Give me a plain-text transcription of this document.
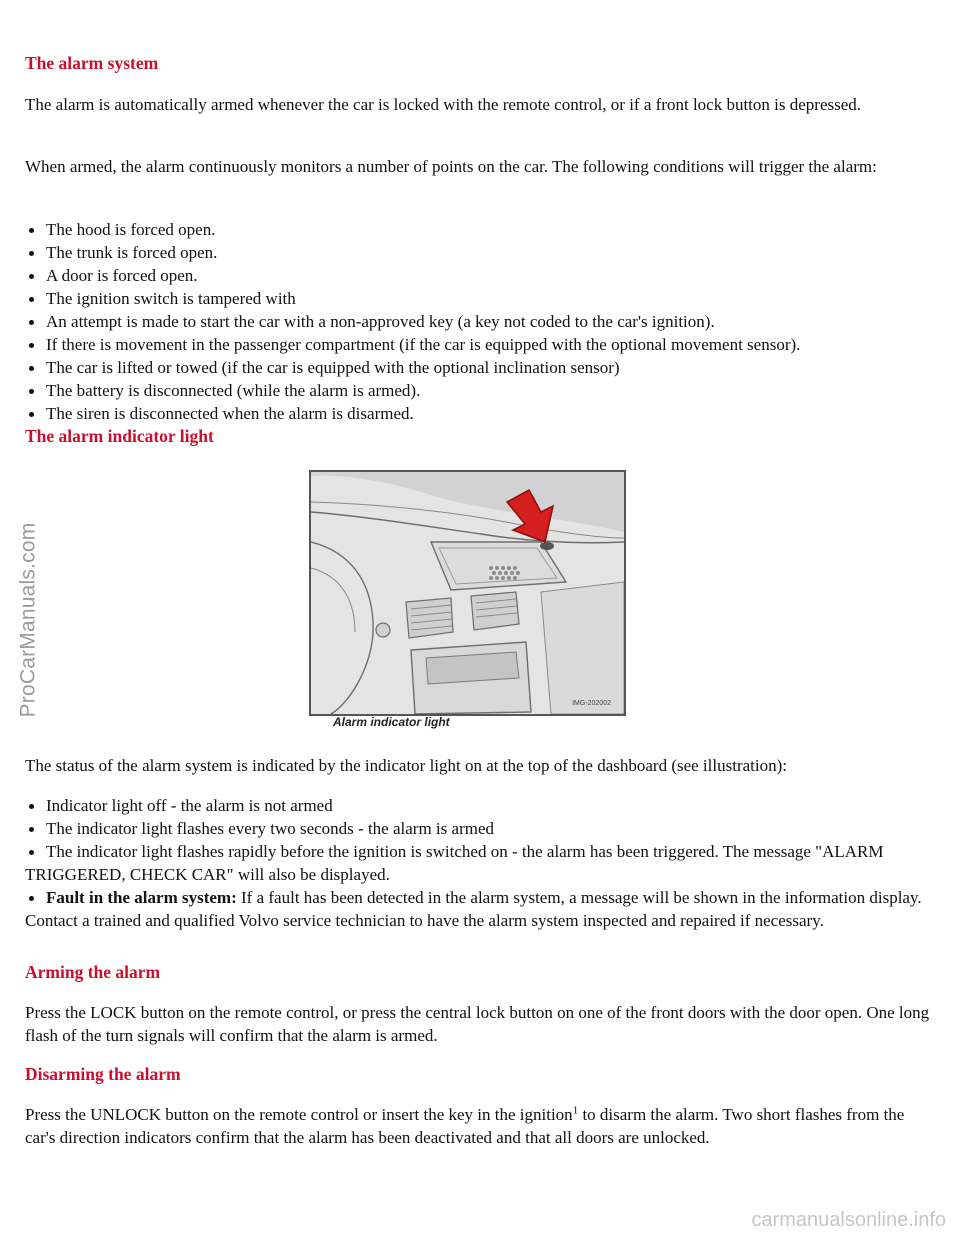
ProCarManuals.com
carmanualsonline.info
The alarm system

The alarm is automatically armed whenever the car is locked with the remote control, or if a front lock button is depressed.

When armed, the alarm continuously monitors a number of points on the car. The following conditions will trigger the alarm:

The hood is forced open.
The trunk is forced open.
A door is forced open.
The ignition switch is tampered with
An attempt is made to start the car with a non-approved key (a key not coded to the car's ignition).
If there is movement in the passenger compartment (if the car is equipped with the optional movement sensor).
The car is lifted or towed (if the car is equipped with the optional inclination sensor)
The battery is disconnected (while the alarm is armed).
The siren is disconnected when the alarm is disarmed.
The alarm indicator light
IMG-202002
Alarm indicator light

The status of the alarm system is indicated by the indicator light on at the top of the dashboard (see illustration):

Indicator light off - the alarm is not armed
The indicator light flashes every two seconds - the alarm is armed
The indicator light flashes rapidly before the ignition is switched on - the alarm has been triggered. The message "ALARM TRIGGERED, CHECK CAR" will also be displayed.
Fault in the alarm system: If a fault has been detected in the alarm system, a message will be shown in the information display. Contact a trained and qualified Volvo service technician to have the alarm system inspected and repaired if necessary.
Arming the alarm

Press the LOCK button on the remote control, or press the central lock button on one of the front doors with the door open. One long flash of the turn signals will confirm that the alarm is armed.

Disarming the alarm

Press the UNLOCK button on the remote control or insert the key in the ignition$^1$ to disarm the alarm. Two short flashes from the car's direction indicators confirm that the alarm has been deactivated and that all doors are unlocked.
